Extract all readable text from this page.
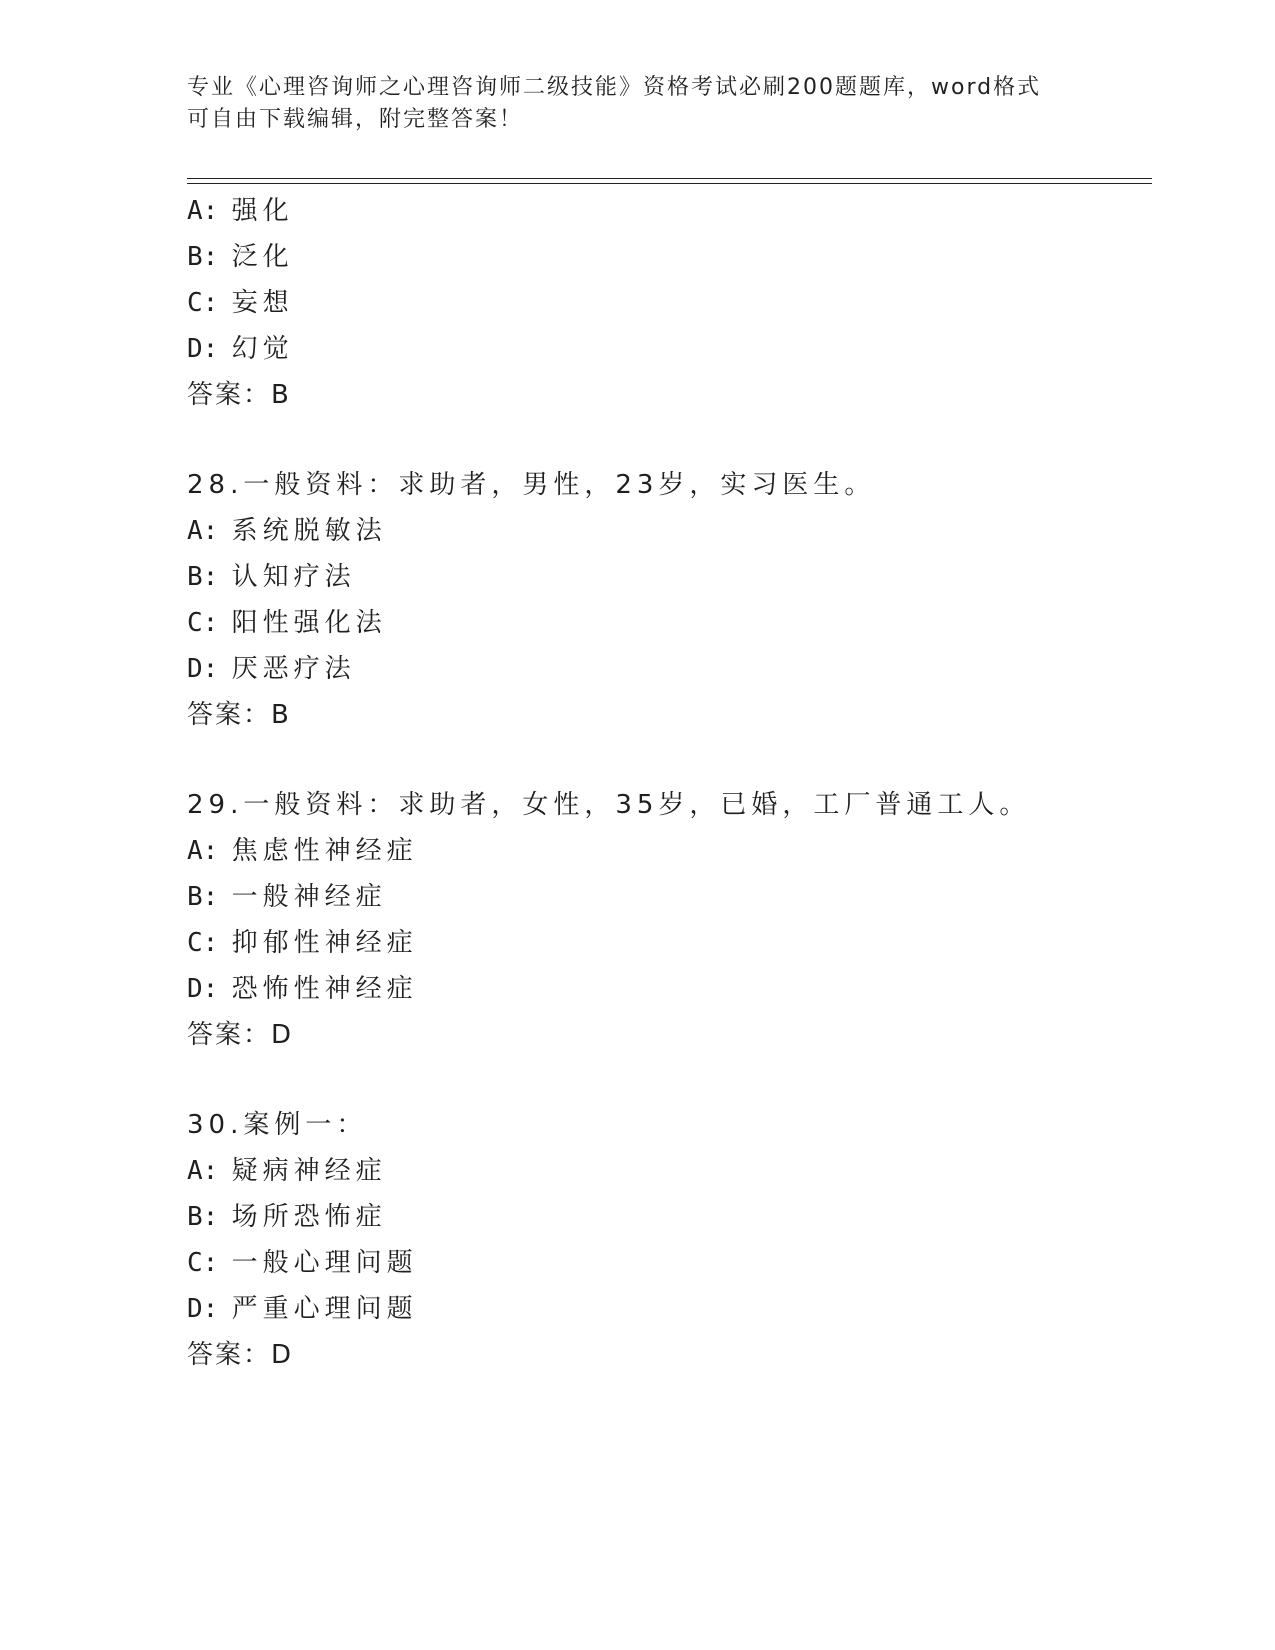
专业《心理咨询师之心理咨询师二级技能》资格考试必刷200题题库，word格式
可自由下载编辑，附完整答案！
A: 强化
B: 泛化
C: 妄想
D: 幻觉
答案：B
28.一般资料：求助者，男性，23岁，实习医生。
A: 系统脱敏法
B: 认知疗法
C: 阳性强化法
D: 厌恶疗法
答案：B
29.一般资料：求助者，女性，35岁，已婚，工厂普通工人。
A: 焦虑性神经症
B: 一般神经症
C: 抑郁性神经症
D: 恐怖性神经症
答案：D
30.案例一：
A: 疑病神经症
B: 场所恐怖症
C: 一般心理问题
D: 严重心理问题
答案：D
